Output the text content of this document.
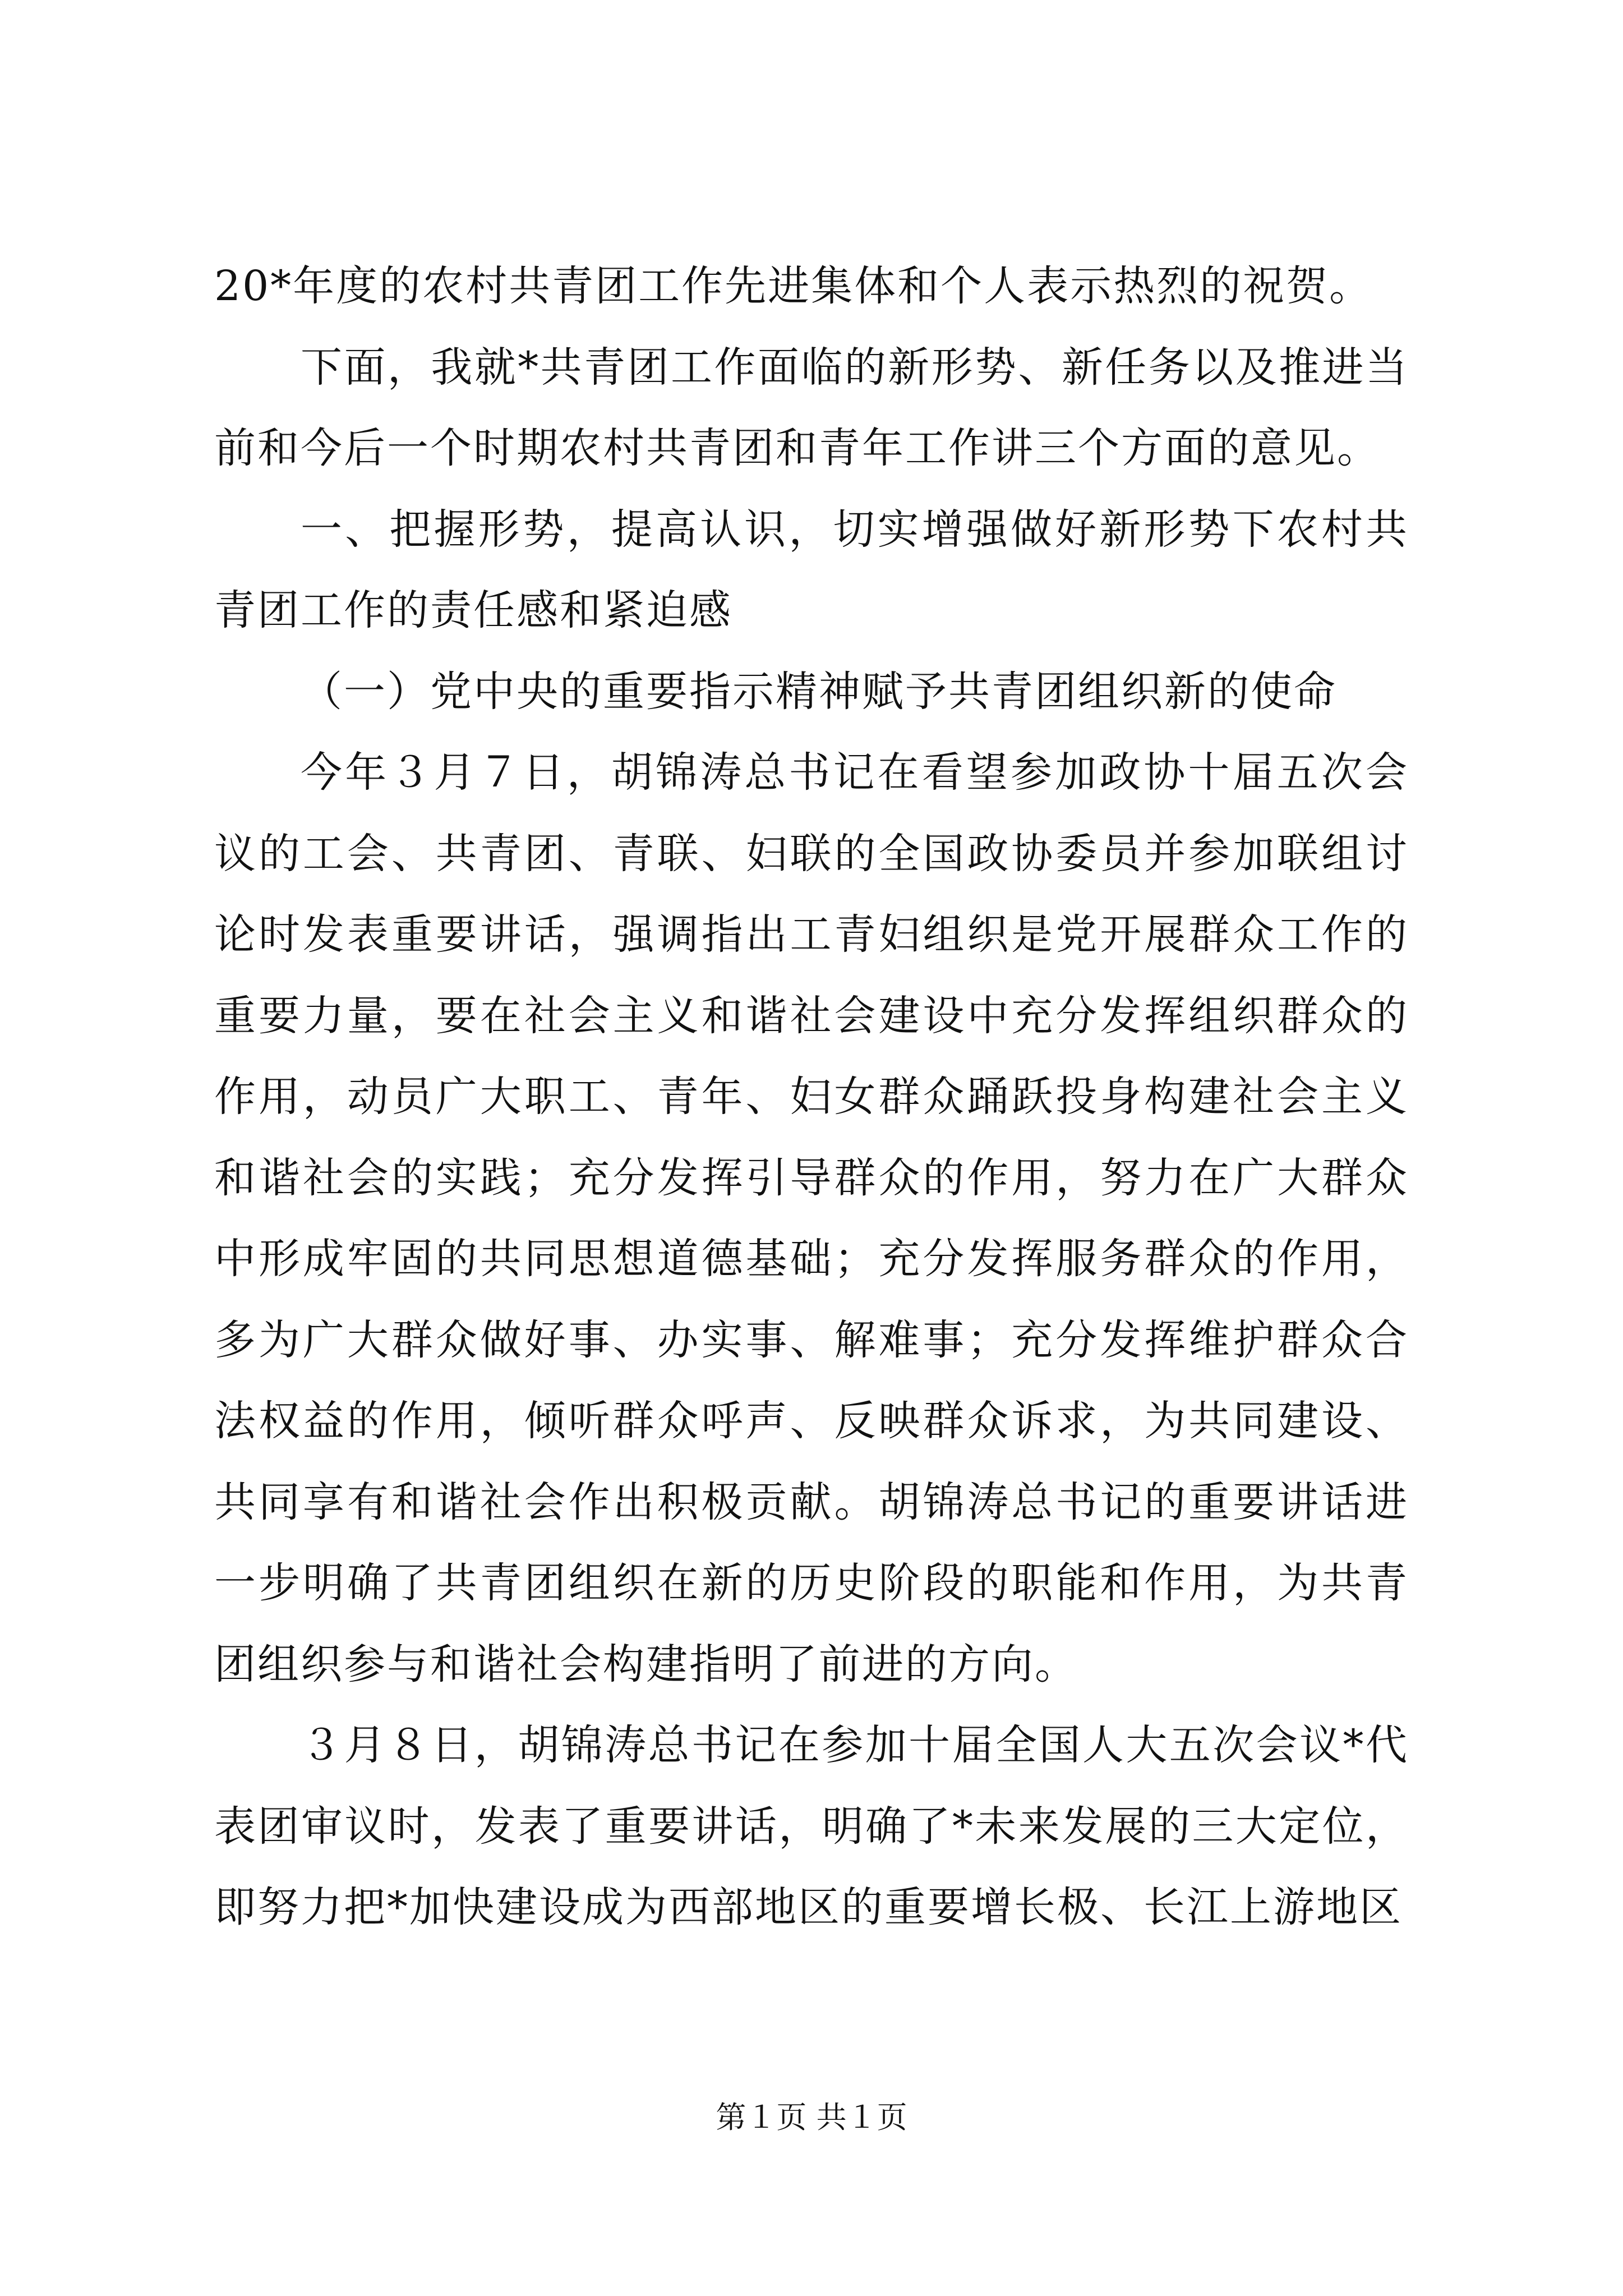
20*年度的农村共青团工作先进集体和个人表示热烈的祝贺。

下面，我就*共青团工作面临的新形势、新任务以及推进当前和今后一个时期农村共青团和青年工作讲三个方面的意见。

一、把握形势，提高认识，切实增强做好新形势下农村共青团工作的责任感和紧迫感

（一）党中央的重要指示精神赋予共青团组织新的使命

今年３月７日，胡锦涛总书记在看望参加政协十届五次会议的工会、共青团、青联、妇联的全国政协委员并参加联组讨论时发表重要讲话，强调指出工青妇组织是党开展群众工作的重要力量，要在社会主义和谐社会建设中充分发挥组织群众的作用，动员广大职工、青年、妇女群众踊跃投身构建社会主义和谐社会的实践；充分发挥引导群众的作用，努力在广大群众中形成牢固的共同思想道德基础；充分发挥服务群众的作用，多为广大群众做好事、办实事、解难事；充分发挥维护群众合法权益的作用，倾听群众呼声、反映群众诉求，为共同建设、共同享有和谐社会作出积极贡献。胡锦涛总书记的重要讲话进一步明确了共青团组织在新的历史阶段的职能和作用，为共青团组织参与和谐社会构建指明了前进的方向。

３月８日，胡锦涛总书记在参加十届全国人大五次会议*代表团审议时，发表了重要讲话，明确了*未来发展的三大定位，即努力把*加快建设成为西部地区的重要增长极、长江上游地区

第１页 共１页
